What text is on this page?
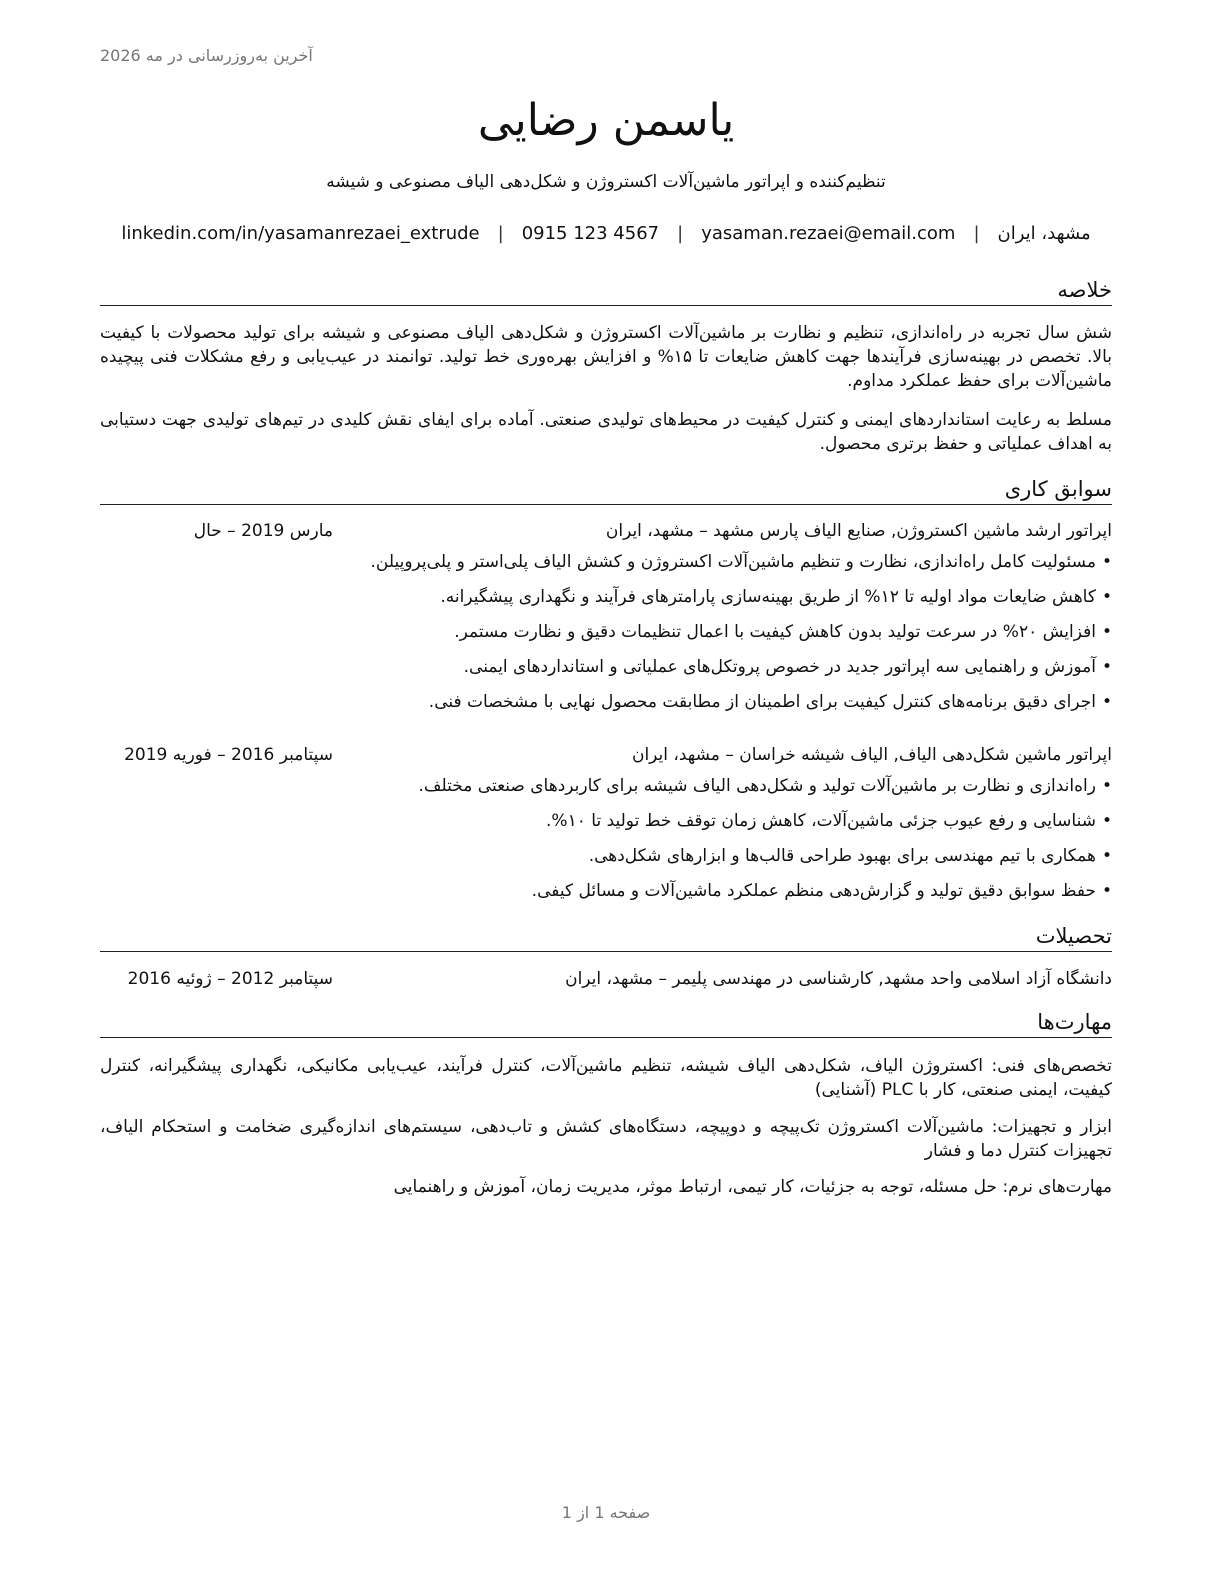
آخرین به‌روزرسانی در مه 2026
یاسمن رضایی
تنظیم‌کننده و اپراتور ماشین‌آلات اکستروژن و شکل‌دهی الیاف مصنوعی و شیشه
مشهد، ایران|yasaman.rezaei@email.com|0915 123 4567|linkedin.com/in/yasamanrezaei_extrude
خلاصه
شش سال تجربه در راه‌اندازی، تنظیم و نظارت بر ماشین‌آلات اکستروژن و شکل‌دهی الیاف مصنوعی و شیشه برای تولید محصولات با کیفیت بالا. تخصص در بهینه‌سازی فرآیندها جهت کاهش ضایعات تا ۱۵% و افزایش بهره‌وری خط تولید. توانمند در عیب‌یابی و رفع مشکلات فنی پیچیده ماشین‌آلات برای حفظ عملکرد مداوم.
مسلط به رعایت استانداردهای ایمنی و کنترل کیفیت در محیط‌های تولیدی صنعتی. آماده برای ایفای نقش کلیدی در تیم‌های تولیدی جهت دستیابی به اهداف عملیاتی و حفظ برتری محصول.
سوابق کاری
اپراتور ارشد ماشین اکستروژن, صنایع الیاف پارس مشهد – مشهد، ایران
مارس 2019 – حال
• مسئولیت کامل راه‌اندازی، نظارت و تنظیم ماشین‌آلات اکستروژن و کشش الیاف پلی‌استر و پلی‌پروپیلن.
• کاهش ضایعات مواد اولیه تا ۱۲% از طریق بهینه‌سازی پارامترهای فرآیند و نگهداری پیشگیرانه.
• افزایش ۲۰% در سرعت تولید بدون کاهش کیفیت با اعمال تنظیمات دقیق و نظارت مستمر.
• آموزش و راهنمایی سه اپراتور جدید در خصوص پروتکل‌های عملیاتی و استانداردهای ایمنی.
• اجرای دقیق برنامه‌های کنترل کیفیت برای اطمینان از مطابقت محصول نهایی با مشخصات فنی.
اپراتور ماشین شکل‌دهی الیاف, الیاف شیشه خراسان – مشهد، ایران
سپتامبر 2016 – فوریه 2019
• راه‌اندازی و نظارت بر ماشین‌آلات تولید و شکل‌دهی الیاف شیشه برای کاربردهای صنعتی مختلف.
• شناسایی و رفع عیوب جزئی ماشین‌آلات، کاهش زمان توقف خط تولید تا ۱۰%.
• همکاری با تیم مهندسی برای بهبود طراحی قالب‌ها و ابزارهای شکل‌دهی.
• حفظ سوابق دقیق تولید و گزارش‌دهی منظم عملکرد ماشین‌آلات و مسائل کیفی.
تحصیلات
دانشگاه آزاد اسلامی واحد مشهد, کارشناسی در مهندسی پلیمر – مشهد، ایران
سپتامبر 2012 – ژوئیه 2016
مهارت‌ها
تخصص‌های فنی: اکستروژن الیاف، شکل‌دهی الیاف شیشه، تنظیم ماشین‌آلات، کنترل فرآیند، عیب‌یابی مکانیکی، نگهداری پیشگیرانه، کنترل کیفیت، ایمنی صنعتی، کار با PLC (آشنایی)
ابزار و تجهیزات: ماشین‌آلات اکستروژن تک‌پیچه و دوپیچه، دستگاه‌های کشش و تاب‌دهی، سیستم‌های اندازه‌گیری ضخامت و استحکام الیاف، تجهیزات کنترل دما و فشار
مهارت‌های نرم: حل مسئله، توجه به جزئیات، کار تیمی، ارتباط موثر، مدیریت زمان، آموزش و راهنمایی
صفحه 1 از 1
